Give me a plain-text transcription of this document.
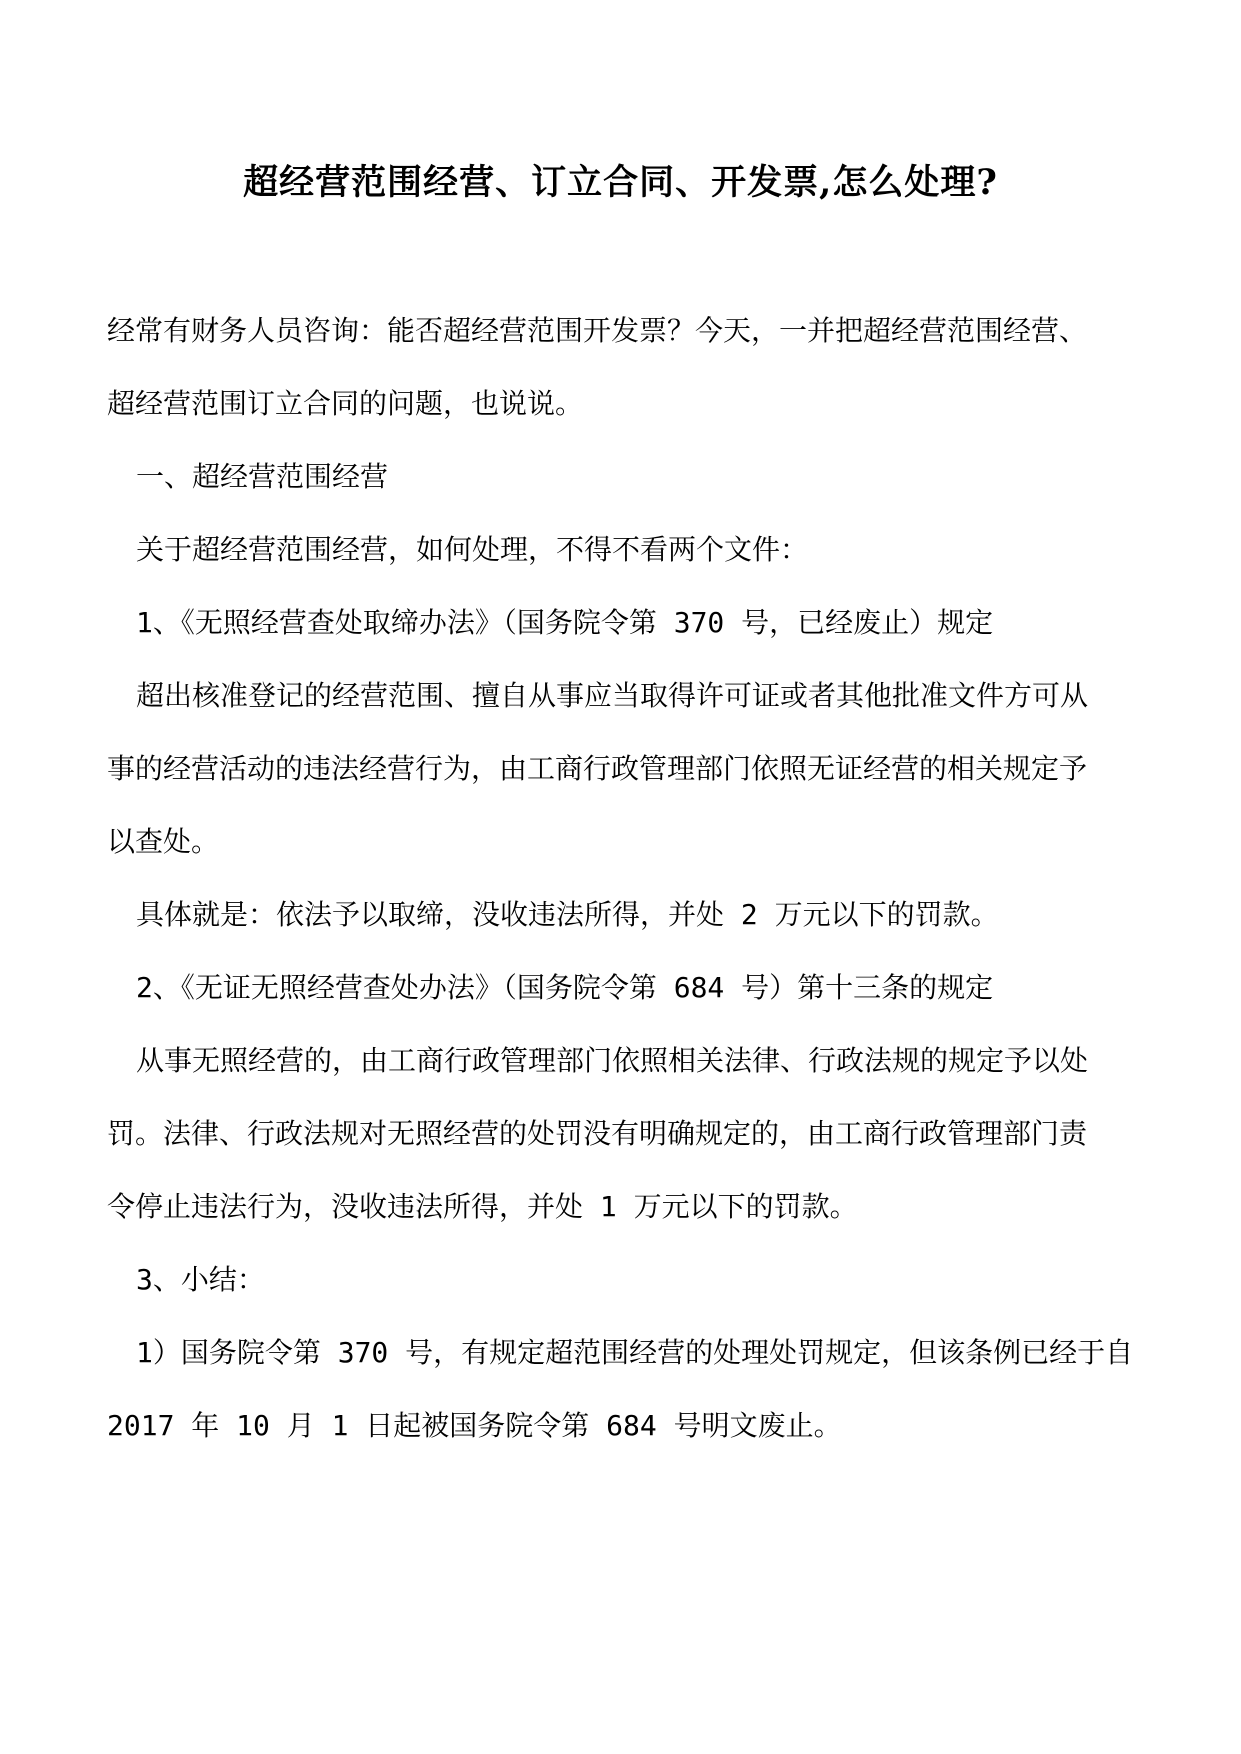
超经营范围经营、订立合同、开发票,怎么处理?
经常有财务人员咨询：能否超经营范围开发票？今天，一并把超经营范围经营、
超经营范围订立合同的问题，也说说。
一、超经营范围经营
关于超经营范围经营，如何处理，不得不看两个文件：
1、《无照经营查处取缔办法》（国务院令第 370 号，已经废止）规定
超出核准登记的经营范围、擅自从事应当取得许可证或者其他批准文件方可从
事的经营活动的违法经营行为，由工商行政管理部门依照无证经营的相关规定予
以查处。
具体就是：依法予以取缔，没收违法所得，并处 2 万元以下的罚款。
2、《无证无照经营查处办法》（国务院令第 684 号）第十三条的规定
从事无照经营的，由工商行政管理部门依照相关法律、行政法规的规定予以处
罚。法律、行政法规对无照经营的处罚没有明确规定的，由工商行政管理部门责
令停止违法行为，没收违法所得，并处 1 万元以下的罚款。
3、小结：
1）国务院令第 370 号，有规定超范围经营的处理处罚规定，但该条例已经于自
2017 年 10 月 1 日起被国务院令第 684 号明文废止。
